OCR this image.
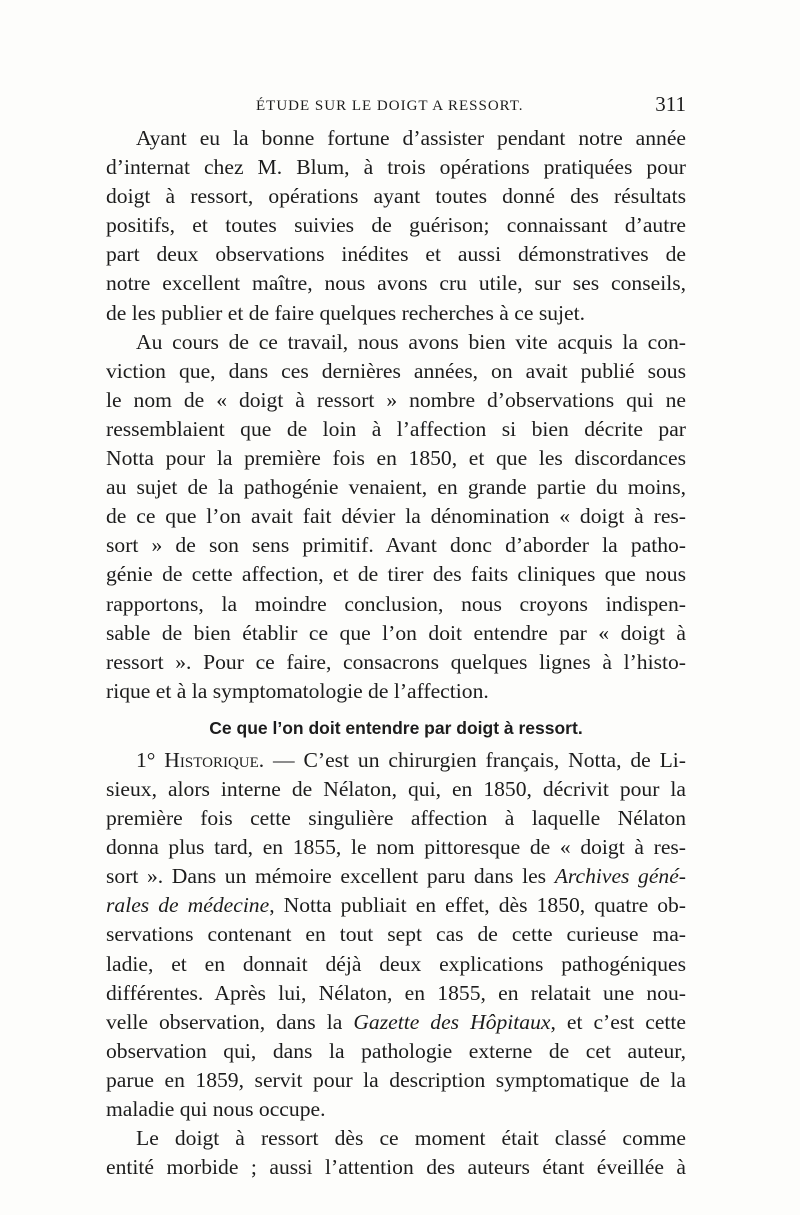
ÉTUDE SUR LE DOIGT A RESSORT.	311

Ayant eu la bonne fortune d’assister pendant notre année
d’internat chez M. Blum, à trois opérations pratiquées pour
doigt à ressort, opérations ayant toutes donné des résultats
positifs, et toutes suivies de guérison; connaissant d’autre
part deux observations inédites et aussi démonstratives de
notre excellent maître, nous avons cru utile, sur ses conseils,
de les publier et de faire quelques recherches à ce sujet.

Au cours de ce travail, nous avons bien vite acquis la con-
viction que, dans ces dernières années, on avait publié sous
le nom de « doigt à ressort » nombre d’observations qui ne
ressemblaient que de loin à l’affection si bien décrite par
Notta pour la première fois en 1850, et que les discordances
au sujet de la pathogénie venaient, en grande partie du moins,
de ce que l’on avait fait dévier la dénomination « doigt à res-
sort » de son sens primitif. Avant donc d’aborder la patho-
génie de cette affection, et de tirer des faits cliniques que nous
rapportons, la moindre conclusion, nous croyons indispen-
sable de bien établir ce que l’on doit entendre par « doigt à
ressort ». Pour ce faire, consacrons quelques lignes à l’histo-
rique et à la symptomatologie de l’affection.

Ce que l’on doit entendre par doigt à ressort.

1° Historique. — C’est un chirurgien français, Notta, de Li-
sieux, alors interne de Nélaton, qui, en 1850, décrivit pour la
première fois cette singulière affection à laquelle Nélaton
donna plus tard, en 1855, le nom pittoresque de « doigt à res-
sort ». Dans un mémoire excellent paru dans les Archives géné-
rales de médecine, Notta publiait en effet, dès 1850, quatre ob-
servations contenant en tout sept cas de cette curieuse ma-
ladie, et en donnait déjà deux explications pathogéniques
différentes. Après lui, Nélaton, en 1855, en relatait une nou-
velle observation, dans la Gazette des Hôpitaux, et c’est cette
observation qui, dans la pathologie externe de cet auteur,
parue en 1859, servit pour la description symptomatique de la
maladie qui nous occupe.

Le doigt à ressort dès ce moment était classé comme
entité morbide ; aussi l’attention des auteurs étant éveillée à
